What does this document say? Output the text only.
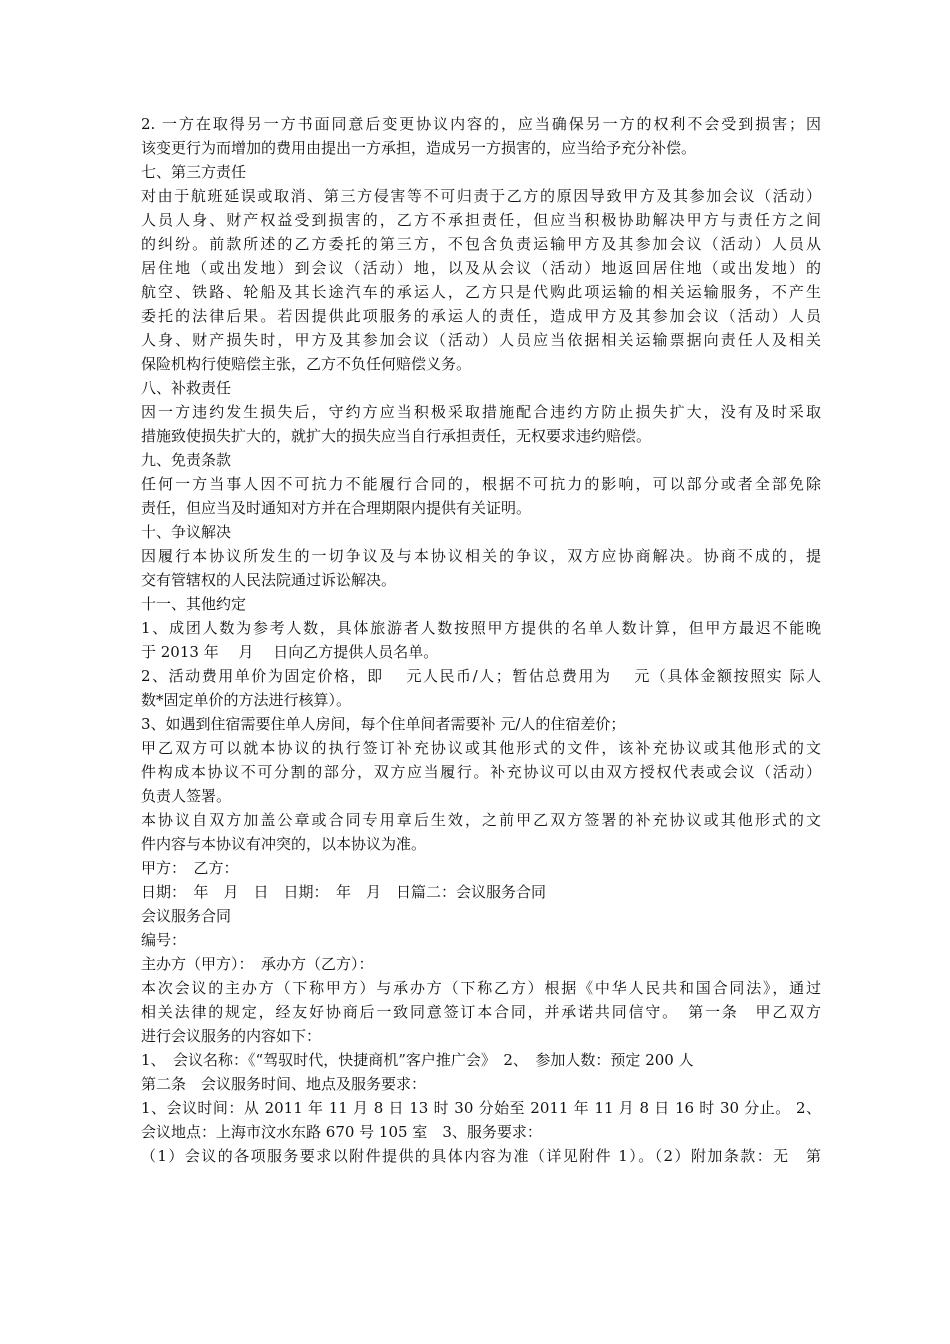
2. 一方在取得另一方书面同意后变更协议内容的，应当确保另一方的权利不会受到损害；因
该变更行为而增加的费用由提出一方承担，造成另一方损害的，应当给予充分补偿。
七、第三方责任
对由于航班延误或取消、第三方侵害等不可归责于乙方的原因导致甲方及其参加会议（活动）
人员人身、财产权益受到损害的，乙方不承担责任，但应当积极协助解决甲方与责任方之间
的纠纷。前款所述的乙方委托的第三方，不包含负责运输甲方及其参加会议（活动）人员从
居住地（或出发地）到会议（活动）地，以及从会议（活动）地返回居住地（或出发地）的
航空、铁路、轮船及其长途汽车的承运人，乙方只是代购此项运输的相关运输服务，不产生
委托的法律后果。若因提供此项服务的承运人的责任，造成甲方及其参加会议（活动）人员
人身、财产损失时，甲方及其参加会议（活动）人员应当依据相关运输票据向责任人及相关
保险机构行使赔偿主张，乙方不负任何赔偿义务。
八、补救责任
因一方违约发生损失后，守约方应当积极采取措施配合违约方防止损失扩大，没有及时采取
措施致使损失扩大的，就扩大的损失应当自行承担责任，无权要求违约赔偿。
九、免责条款
任何一方当事人因不可抗力不能履行合同的，根据不可抗力的影响，可以部分或者全部免除
责任，但应当及时通知对方并在合理期限内提供有关证明。
十、争议解决
因履行本协议所发生的一切争议及与本协议相关的争议，双方应协商解决。协商不成的，提
交有管辖权的人民法院通过诉讼解决。
十一、其他约定
1、成团人数为参考人数，具体旅游者人数按照甲方提供的名单人数计算，但甲方最迟不能晚
于 2013 年　 月　 日向乙方提供人员名单。
2、活动费用单价为固定价格，即　 元人民币/人；暂估总费用为　 元（具体金额按照实 际人
数*固定单价的方法进行核算）。
3、如遇到住宿需要住单人房间，每个住单间者需要补 元/人的住宿差价；
甲乙双方可以就本协议的执行签订补充协议或其他形式的文件，该补充协议或其他形式的文
件构成本协议不可分割的部分，双方应当履行。补充协议可以由双方授权代表或会议（活动）
负责人签署。
本协议自双方加盖公章或合同专用章后生效，之前甲乙双方签署的补充协议或其他形式的文
件内容与本协议有冲突的，以本协议为准。
甲方：　乙方：
日期：　年　月　日　日期：　年　月　日篇二：会议服务合同
会议服务合同
编号：
主办方（甲方）：　承办方（乙方）：
本次会议的主办方（下称甲方）与承办方（下称乙方）根据《中华人民共和国合同法》，通过
相关法律的规定，经友好协商后一致同意签订本合同，并承诺共同信守。　第一条　甲乙双方
进行会议服务的内容如下：
1、　会议名称：《“驾驭时代，快捷商机”客户推广会》　2、　参加人数：预定 200 人
第二条　会议服务时间、地点及服务要求：
1、会议时间：从 2011 年 11 月 8 日 13 时 30 分始至 2011 年 11 月 8 日 16 时 30 分止。 2、
会议地点：上海市汶水东路 670 号 105 室　3、服务要求：
（1）会议的各项服务要求以附件提供的具体内容为准（详见附件 1）。（2）附加条款：无　第
